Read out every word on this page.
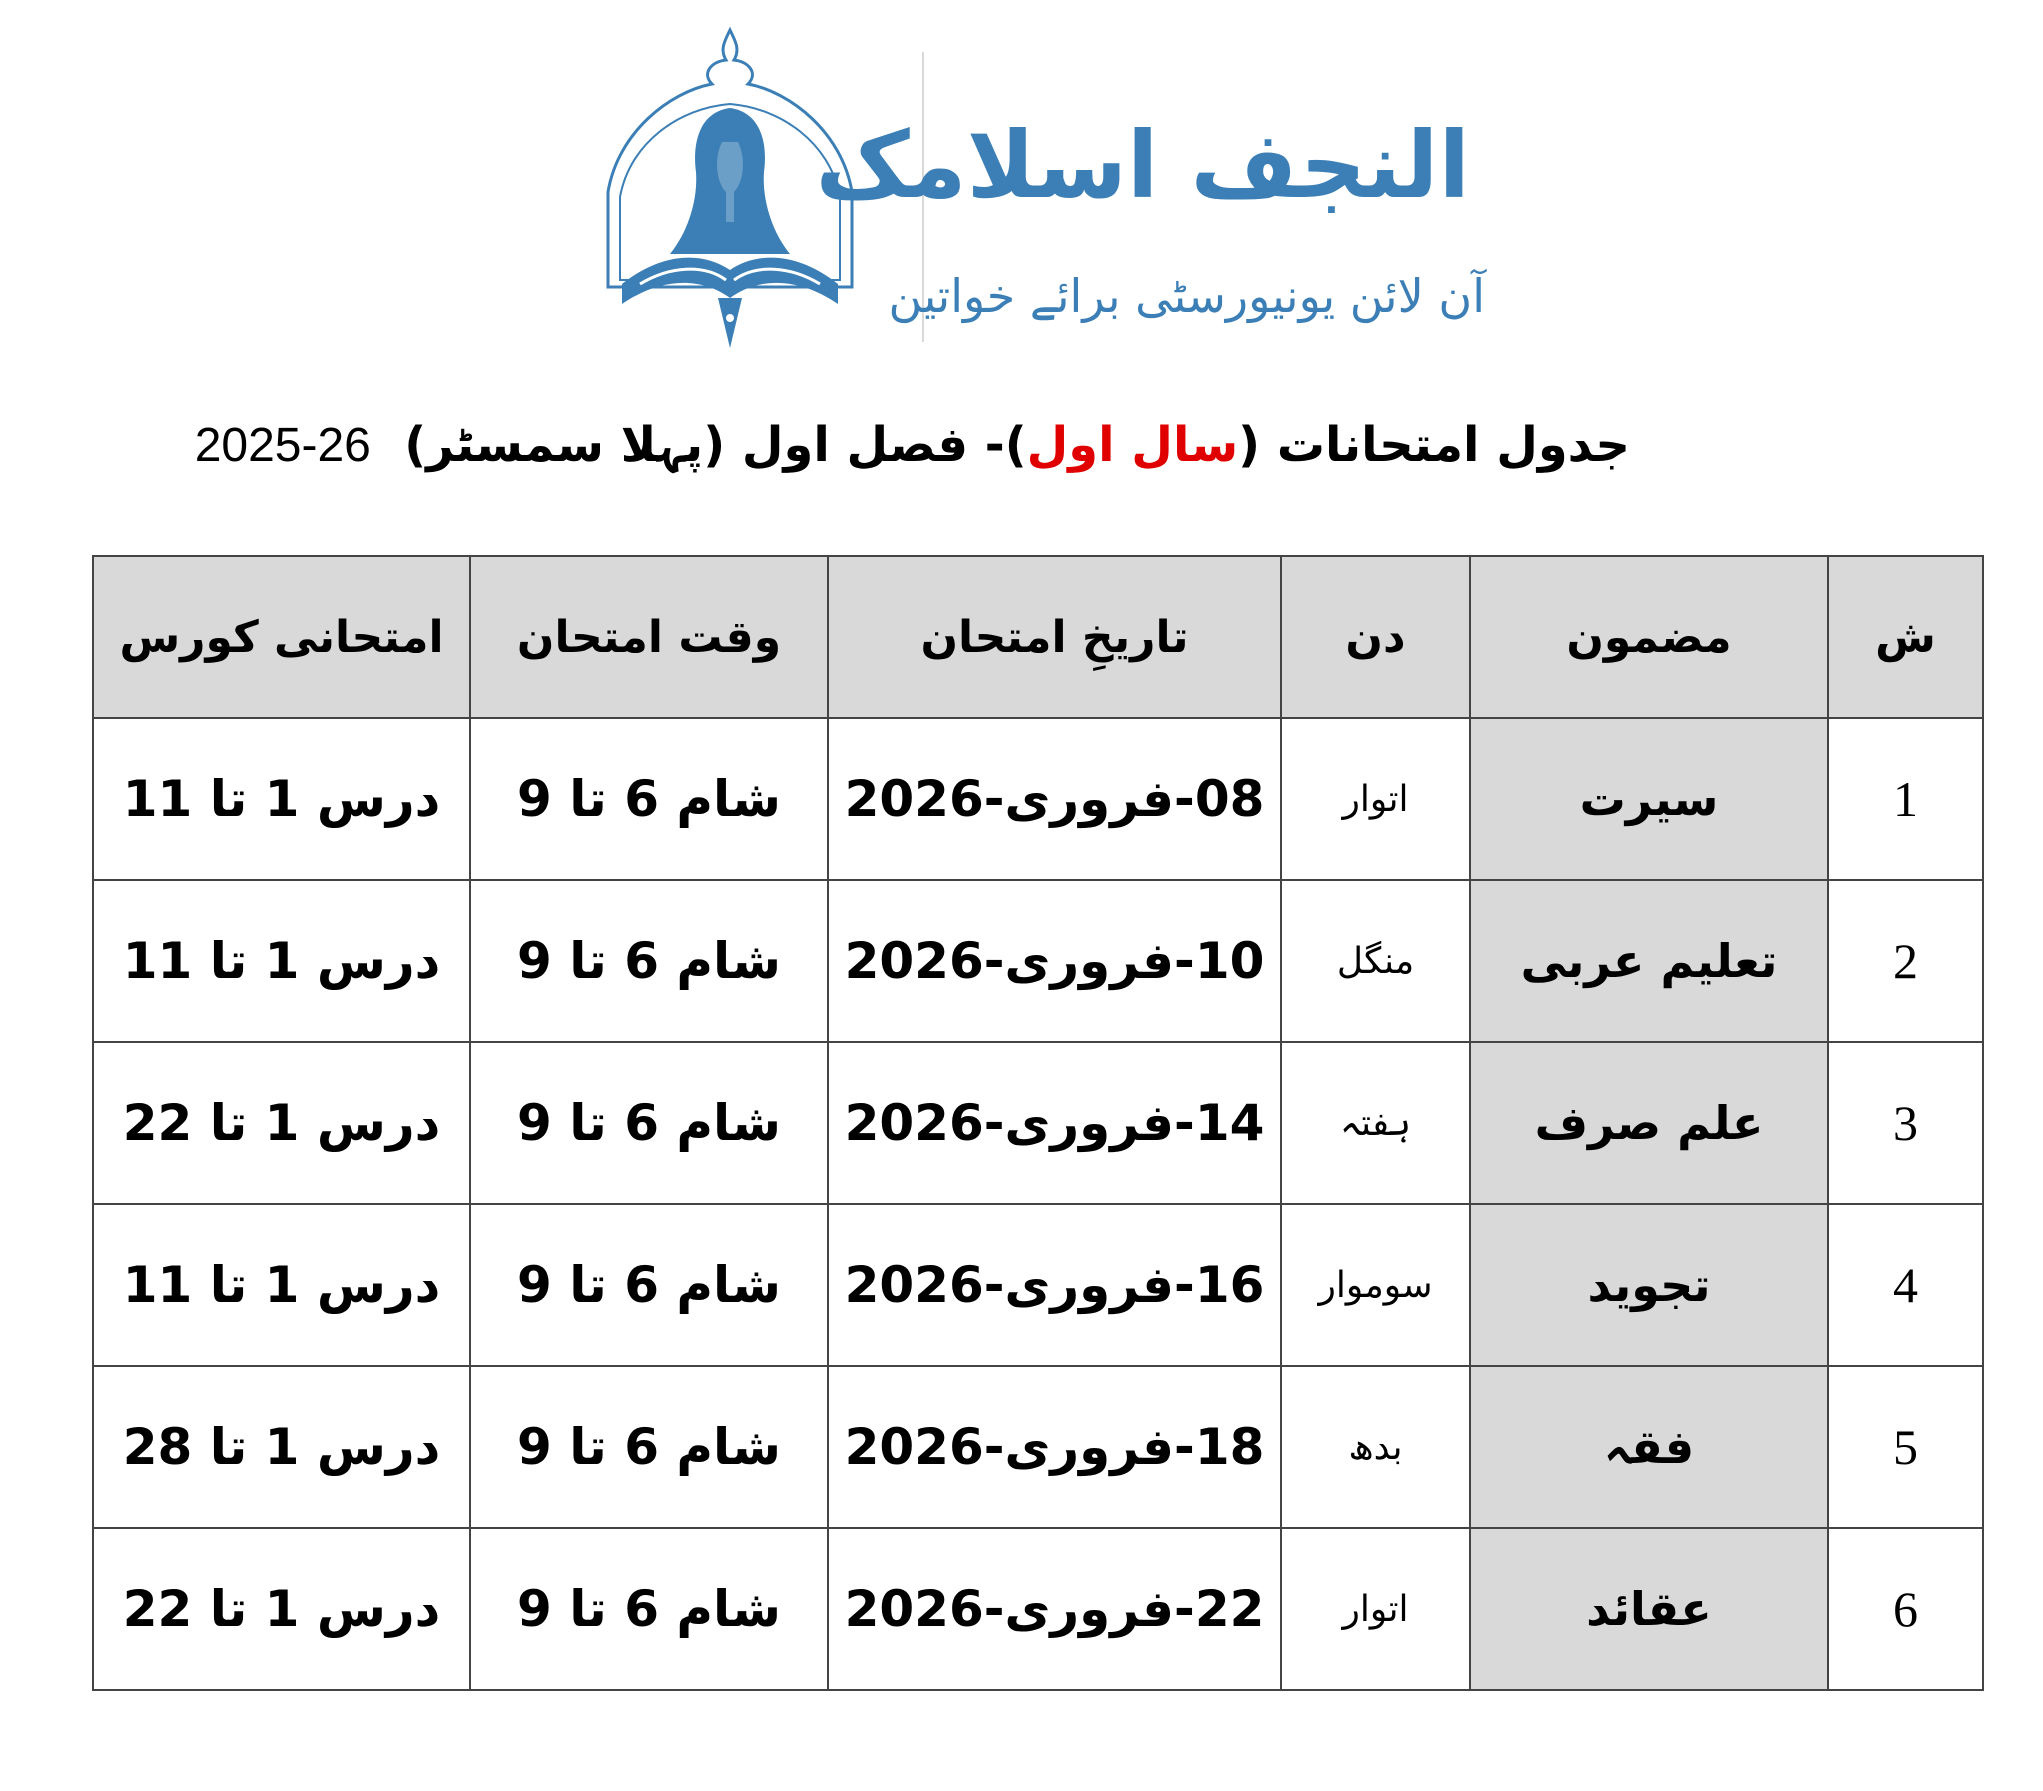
النجف اسلامک
آن لائن یونیورسٹی برائے خواتین
جدول امتحانات (سال اول)- فصل اول (پہلا سمسٹر)  2025-26
ش	مضمون	دن	تاریخِ امتحان	وقت امتحان	امتحانی کورس
1	سیرت	اتوار	08-فروری-2026	شام 6 تا 9	درس 1 تا 11
2	تعلیم عربی	منگل	10-فروری-2026	شام 6 تا 9	درس 1 تا 11
3	علم صرف	ہفتہ	14-فروری-2026	شام 6 تا 9	درس 1 تا 22
4	تجوید	سوموار	16-فروری-2026	شام 6 تا 9	درس 1 تا 11
5	فقہ	بدھ	18-فروری-2026	شام 6 تا 9	درس 1 تا 28
6	عقائد	اتوار	22-فروری-2026	شام 6 تا 9	درس 1 تا 22
